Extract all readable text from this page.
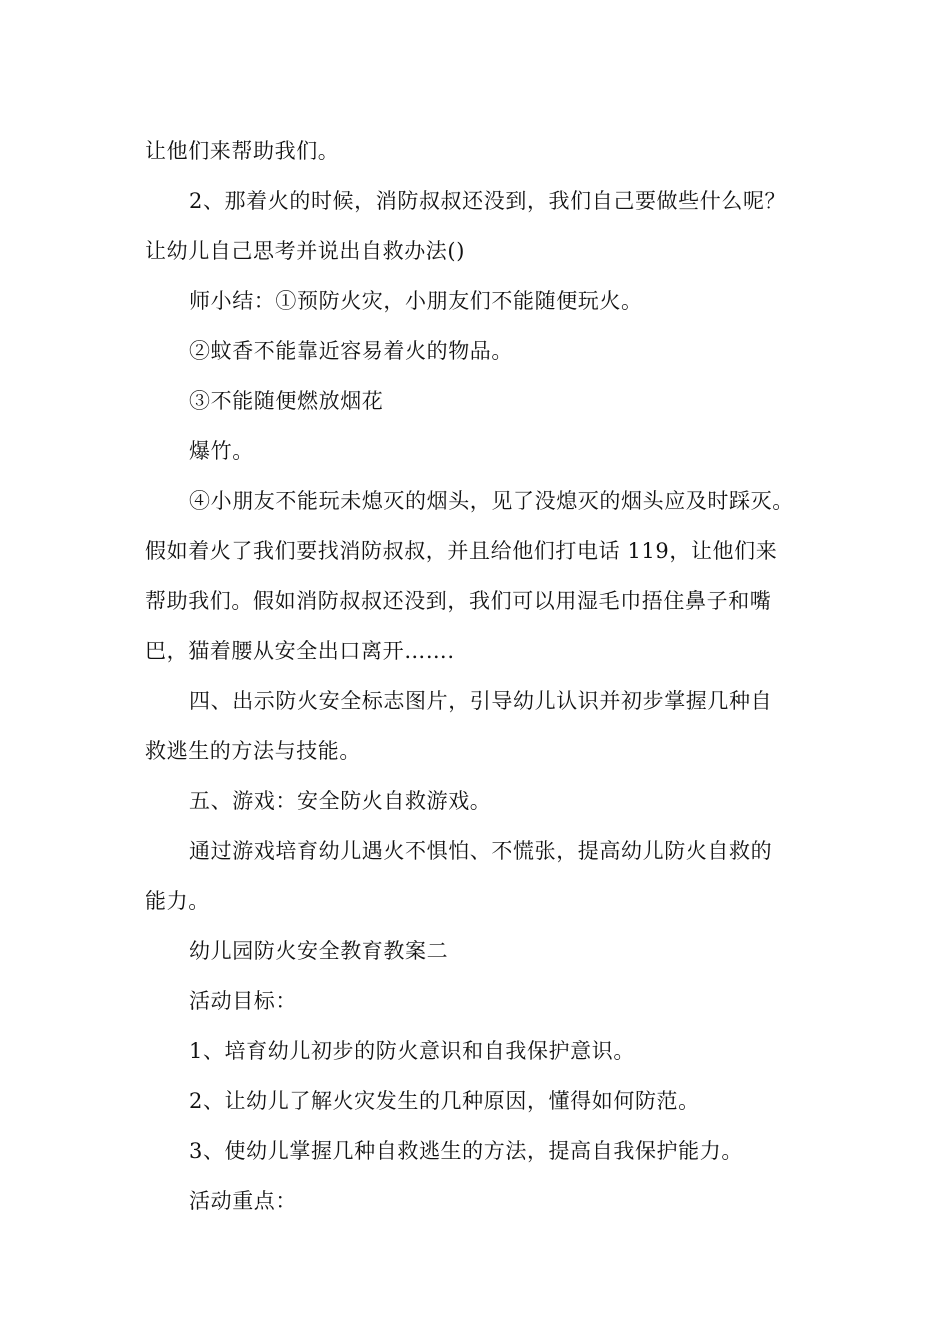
让他们来帮助我们。
2、那着火的时候，消防叔叔还没到，我们自己要做些什么呢？
让幼儿自己思考并说出自救办法()
师小结：①预防火灾，小朋友们不能随便玩火。
②蚊香不能靠近容易着火的物品。
③不能随便燃放烟花
爆竹。
④小朋友不能玩未熄灭的烟头，见了没熄灭的烟头应及时踩灭。
假如着火了我们要找消防叔叔，并且给他们打电话 119，让他们来
帮助我们。假如消防叔叔还没到，我们可以用湿毛巾捂住鼻子和嘴
巴，猫着腰从安全出口离开…….
四、出示防火安全标志图片，引导幼儿认识并初步掌握几种自
救逃生的方法与技能。
五、游戏：安全防火自救游戏。
通过游戏培育幼儿遇火不惧怕、不慌张，提高幼儿防火自救的
能力。
幼儿园防火安全教育教案二
活动目标：
1、培育幼儿初步的防火意识和自我保护意识。
2、让幼儿了解火灾发生的几种原因，懂得如何防范。
3、使幼儿掌握几种自救逃生的方法，提高自我保护能力。
活动重点：
